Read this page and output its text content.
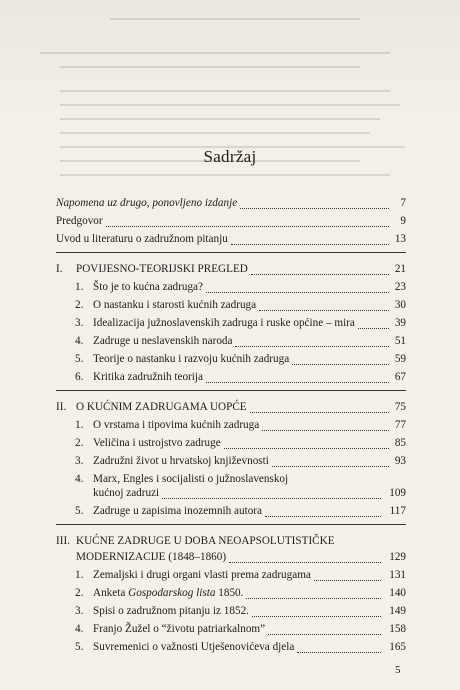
Sadržaj
Napomena uz drugo, ponovljeno izdanje	7
Predgovor	9
Uvod u literaturu o zadružnom pitanju	13
I.	POVIJESNO-TEORIJSKI PREGLED	21
1. Što je to kućna zadruga?	23
2. O nastanku i starosti kućnih zadruga	30
3. Idealizacija južnoslavenskih zadruga i ruske općine – mira	39
4. Zadruge u neslavenskih naroda	51
5. Teorije o nastanku i razvoju kućnih zadruga	59
6. Kritika zadružnih teorija	67
II. O KUĆNIM ZADRUGAMA UOPĆE	75
1. O vrstama i tipovima kućnih zadruga	77
2. Veličina i ustrojstvo zadruge	85
3. Zadružni život u hrvatskoj književnosti	93
4. Marx, Engles i socijalisti o južnoslavenskoj
kućnoj zadruzi	109
5. Zadruge u zapisima inozemnih autora	117
III. KUĆNE ZADRUGE U DOBA NEOAPSOLUTISTIČKE
MODERNIZACIJE (1848–1860)	129
1. Zemaljski i drugi organi vlasti prema zadrugama	131
2. Anketa Gospodarskog lista 1850.	140
3. Spisi o zadružnom pitanju iz 1852.	149
4. Franjo Žužel o “životu patriarkalnom”	158
5. Suvremenici o važnosti Utješenovićeva djela	165
5
